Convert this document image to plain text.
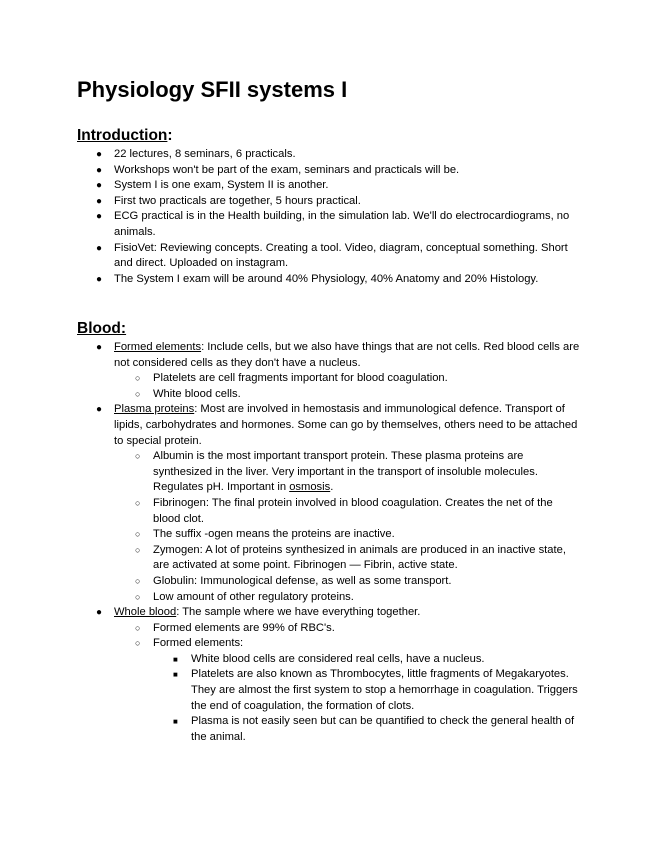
Physiology SFII systems I
Introduction:
● 22 lectures, 8 seminars, 6 practicals.
● Workshops won't be part of the exam, seminars and practicals will be.
● System I is one exam, System II is another.
● First two practicals are together, 5 hours practical.
● ECG practical is in the Health building, in the simulation lab. We'll do electrocardiograms, no animals.
● FisioVet: Reviewing concepts. Creating a tool. Video, diagram, conceptual something. Short and direct. Uploaded on instagram.
● The System I exam will be around 40% Physiology, 40% Anatomy and 20% Histology.
Blood:
● Formed elements: Include cells, but we also have things that are not cells. Red blood cells are not considered cells as they don't have a nucleus.
○ Platelets are cell fragments important for blood coagulation.
○ White blood cells.
● Plasma proteins: Most are involved in hemostasis and immunological defence. Transport of lipids, carbohydrates and hormones. Some can go by themselves, others need to be attached to special protein.
○ Albumin is the most important transport protein. These plasma proteins are synthesized in the liver. Very important in the transport of insoluble molecules. Regulates pH. Important in osmosis.
○ Fibrinogen: The final protein involved in blood coagulation. Creates the net of the blood clot.
○ The suffix -ogen means the proteins are inactive.
○ Zymogen: A lot of proteins synthesized in animals are produced in an inactive state, are activated at some point. Fibrinogen — Fibrin, active state.
○ Globulin: Immunological defense, as well as some transport.
○ Low amount of other regulatory proteins.
● Whole blood: The sample where we have everything together.
○ Formed elements are 99% of RBC's.
○ Formed elements:
■ White blood cells are considered real cells, have a nucleus.
■ Platelets are also known as Thrombocytes, little fragments of Megakaryotes. They are almost the first system to stop a hemorrhage in coagulation. Triggers the end of coagulation, the formation of clots.
■ Plasma is not easily seen but can be quantified to check the general health of the animal.
